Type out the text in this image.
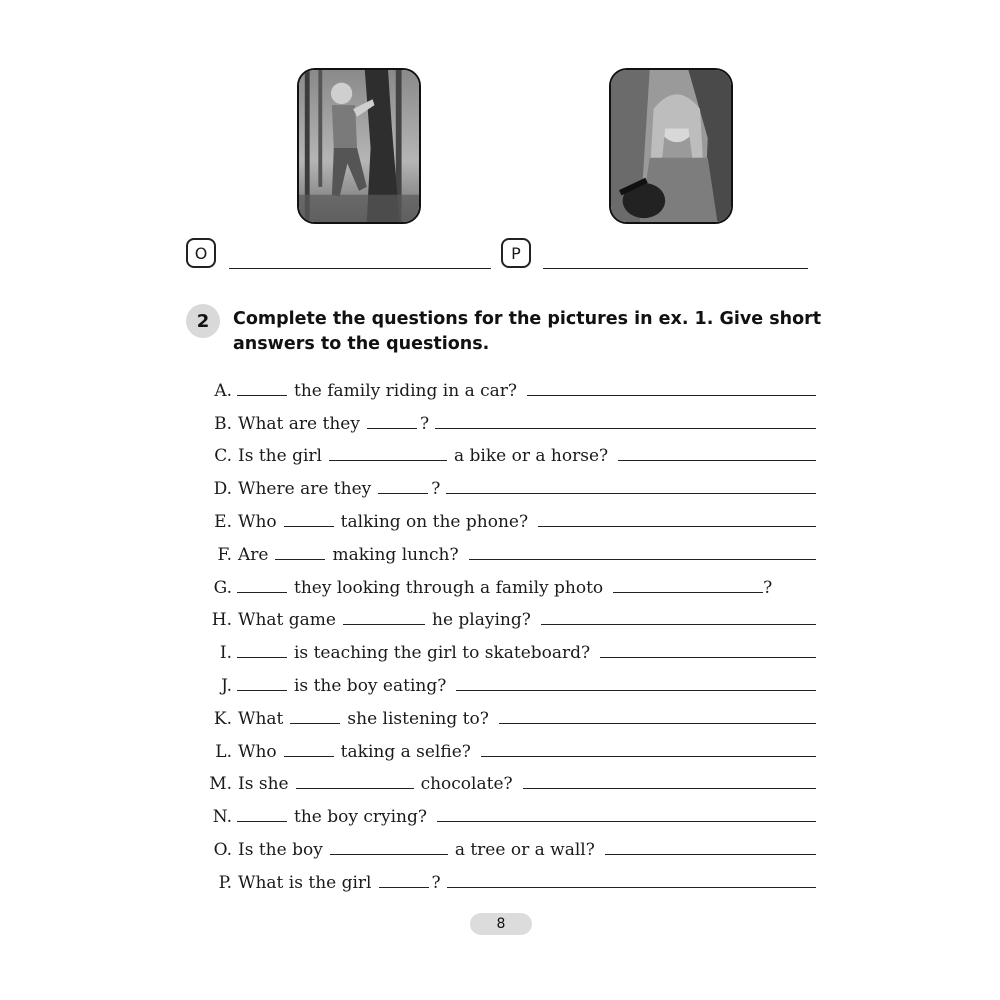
O	P
2	Complete the questions for the pictures in ex. 1. Give short answers to the questions.
A.	the family riding in a car?
B. What are they	?
C. Is the girl	a bike or a horse?
D. Where are they	?
E. Who	talking on the phone?
F. Are	making lunch?
G.	they looking through a family photo	?
H. What game	he playing?
I.	is teaching the girl to skateboard?
J.	is the boy eating?
K. What	she listening to?
L. Who	taking a selfie?
M. Is she	chocolate?
N.	the boy crying?
O. Is the boy	a tree or a wall?
P. What is the girl	?
8
